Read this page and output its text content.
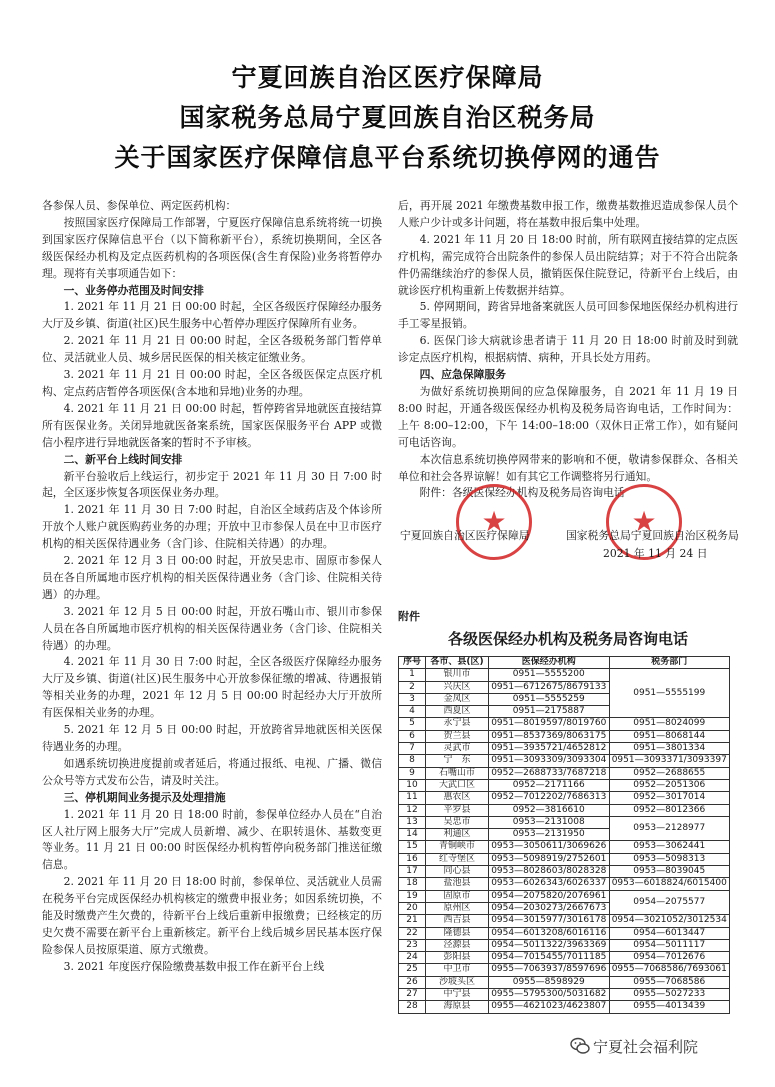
宁夏回族自治区医疗保障局
国家税务总局宁夏回族自治区税务局
关于国家医疗保障信息平台系统切换停网的通告

各参保人员、参保单位、两定医药机构：

按照国家医疗保障局工作部署，宁夏医疗保障信息系统将统一切换到国家医疗保障信息平台（以下简称新平台），系统切换期间，全区各级医保经办机构及定点医药机构的各项医保(含生育保险)业务将暂停办理。现将有关事项通告如下：

一、业务停办范围及时间安排

1. 2021 年 11 月 21 日 00:00 时起，全区各级医疗保障经办服务大厅及乡镇、街道(社区)民生服务中心暂停办理医疗保障所有业务。

2. 2021 年 11 月 21 日 00:00 时起，全区各级税务部门暂停单位、灵活就业人员、城乡居民医保的相关核定征缴业务。

3. 2021 年 11 月 21 日 00:00 时起，全区各级医保定点医疗机构、定点药店暂停各项医保(含本地和异地)业务的办理。

4. 2021 年 11 月 21 日 00:00 时起，暂停跨省异地就医直接结算所有医保业务。关闭异地就医备案系统，国家医保服务平台 APP 或微信小程序进行异地就医备案的暂时不予审核。

二、新平台上线时间安排

新平台验收后上线运行，初步定于 2021 年 11 月 30 日 7:00 时起，全区逐步恢复各项医保业务办理。

1. 2021 年 11 月 30 日 7:00 时起，自治区全域药店及个体诊所开放个人账户就医购药业务的办理；开放中卫市参保人员在中卫市医疗机构的相关医保待遇业务（含门诊、住院相关待遇）的办理。

2. 2021 年 12 月 3 日 00:00 时起，开放吴忠市、固原市参保人员在各自所属地市医疗机构的相关医保待遇业务（含门诊、住院相关待遇）的办理。

3. 2021 年 12 月 5 日 00:00 时起，开放石嘴山市、银川市参保人员在各自所属地市医疗机构的相关医保待遇业务（含门诊、住院相关待遇）的办理。

4. 2021 年 11 月 30 日 7:00 时起，全区各级医疗保障经办服务大厅及乡镇、街道(社区)民生服务中心开放参保征缴的增减、待遇报销等相关业务的办理，2021 年 12 月 5 日 00:00 时起经办大厅开放所有医保相关业务的办理。

5. 2021 年 12 月 5 日 00:00 时起，开放跨省异地就医相关医保待遇业务的办理。

如遇系统切换进度提前或者延后，将通过报纸、电视、广播、微信公众号等方式发布公告，请及时关注。

三、停机期间业务提示及处理措施

1. 2021 年 11 月 20 日 18:00 时前，参保单位经办人员在“自治区人社厅网上服务大厅”完成人员新增、减少、在职转退休、基数变更等业务。11 月 21 日 00:00 时医保经办机构暂停向税务部门推送征缴信息。

2. 2021 年 11 月 20 日 18:00 时前，参保单位、灵活就业人员需在税务平台完成医保经办机构核定的缴费申报业务；如因系统切换，不能及时缴费产生欠费的，待新平台上线后重新申报缴费；已经核定的历史欠费不需要在新平台上重新核定。新平台上线后城乡居民基本医疗保险参保人员按原渠道、原方式缴费。

3. 2021 年度医疗保险缴费基数申报工作在新平台上线

后，再开展 2021 年缴费基数申报工作，缴费基数推迟造成参保人员个人账户少计或多计问题，将在基数申报后集中处理。

4. 2021 年 11 月 20 日 18:00 时前，所有联网直接结算的定点医疗机构，需完成符合出院条件的参保人员出院结算；对于不符合出院条件仍需继续治疗的参保人员，撤销医保住院登记，待新平台上线后，由就诊医疗机构重新上传数据并结算。

5. 停网期间，跨省异地备案就医人员可回参保地医保经办机构进行手工零星报销。

6. 医保门诊大病就诊患者请于 11 月 20 日 18:00 时前及时到就诊定点医疗机构，根据病情、病种，开具长处方用药。

四、应急保障服务

为做好系统切换期间的应急保障服务，自 2021 年 11 月 19 日 8:00 时起，开通各级医保经办机构及税务局咨询电话，工作时间为：上午 8:00–12:00，下午 14:00–18:00（双休日正常工作），如有疑问可电话咨询。

本次信息系统切换停网带来的影响和不便，敬请参保群众、各相关单位和社会各界谅解！如有其它工作调整将另行通知。

附件：各级医保经办机构及税务局咨询电话

★	★
宁夏回族自治区医疗保障局	国家税务总局宁夏回族自治区税务局
2021 年 11 月 24 日
附件
各级医保经办机构及税务局咨询电话
序号	各市、县(区)	医保经办机构	税务部门
1	银川市	0951—5555200	0951—5555199
2	兴庆区	0951—6712675/8679133	
3	金凤区	0951—5555259	
4	西夏区	0951—2175887	
5	永宁县	0951—8019597/8019760	0951—8024099
6	贺兰县	0951—8537369/8063175	0951—8068144
7	灵武市	0951—3935721/4652812	0951—3801334
8	宁　东	0951—3093309/3093304	0951—3093371/3093397
9	石嘴山市	0952—2688733/7687218	0952—2688655
10	大武口区	0952—2171166	0952—2051306
11	惠农区	0952—7012202/7686313	0952—3017014
12	平罗县	0952—3816610	0952—8012366
13	吴忠市	0953—2131008	0953—2128977
14	利通区	0953—2131950	
15	青铜峡市	0953—3050611/3069626	0953—3062441
16	红寺堡区	0953—5098919/2752601	0953—5098313
17	同心县	0953—8028603/8028328	0953—8039045
18	盐池县	0953—6026343/6026337	0953—6018824/6015400
19	固原市	0954—2075820/2076961	0954—2075577
20	原州区	0954—2030273/2667673	
21	西吉县	0954—3015977/3016178	0954—3021052/3012534
22	隆德县	0954—6013208/6016116	0954—6013447
23	泾源县	0954—5011322/3963369	0954—5011117
24	彭阳县	0954—7015455/7011185	0954—7012676
25	中卫市	0955—7063937/8597696	0955—7068586/7693061
26	沙坡头区	0955—8598929	0955—7068586
27	中宁县	0955—5795300/5031682	0955—5027233
28	海原县	0955—4621023/4623807	0955—4013439
宁夏社会福利院
